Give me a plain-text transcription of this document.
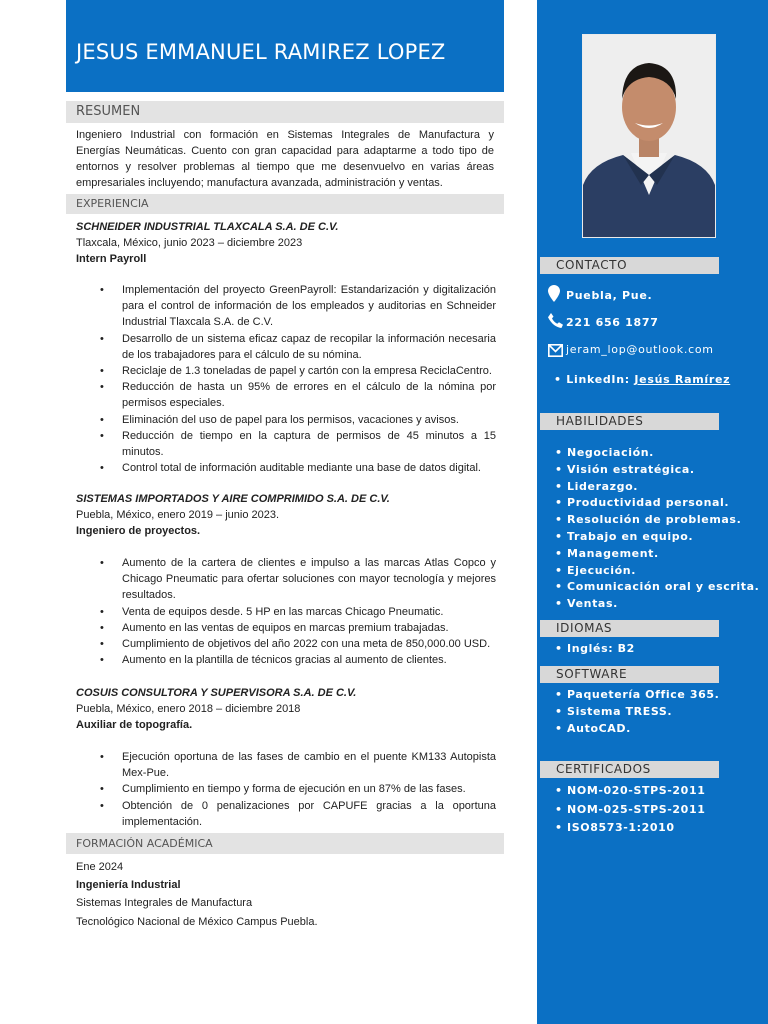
JESUS EMMANUEL RAMIREZ LOPEZ
RESUMEN
Ingeniero Industrial con formación en Sistemas Integrales de Manufactura y
Energías Neumáticas. Cuento con gran capacidad para adaptarme a todo tipo de
entornos y resolver problemas al tiempo que me desenvuelvo en varias áreas
empresariales incluyendo; manufactura avanzada, administración y ventas.
EXPERIENCIA
SCHNEIDER INDUSTRIAL TLAXCALA S.A. DE C.V.
Tlaxcala, México, junio 2023 – diciembre 2023
Intern Payroll
• Implementación del proyecto GreenPayroll: Estandarización y digitalización para el control de información de los empleados y auditorias en Schneider Industrial Tlaxcala S.A. de C.V.
• Desarrollo de un sistema eficaz capaz de recopilar la información necesaria de los trabajadores para el cálculo de su nómina.
• Reciclaje de 1.3 toneladas de papel y cartón con la empresa ReciclaCentro.
• Reducción de hasta un 95% de errores en el cálculo de la nómina por permisos especiales.
• Eliminación del uso de papel para los permisos, vacaciones y avisos.
• Reducción de tiempo en la captura de permisos de 45 minutos a 15 minutos.
• Control total de información auditable mediante una base de datos digital.
SISTEMAS IMPORTADOS Y AIRE COMPRIMIDO S.A. DE C.V.
Puebla, México, enero 2019 – junio 2023.
Ingeniero de proyectos.
• Aumento de la cartera de clientes e impulso a las marcas Atlas Copco y Chicago Pneumatic para ofertar soluciones con mayor tecnología y mejores resultados.
• Venta de equipos desde. 5 HP en las marcas Chicago Pneumatic.
• Aumento en las ventas de equipos en marcas premium trabajadas.
• Cumplimiento de objetivos del año 2022 con una meta de 850,000.00 USD.
• Aumento en la plantilla de técnicos gracias al aumento de clientes.
COSUIS CONSULTORA Y SUPERVISORA S.A. DE C.V.
Puebla, México, enero 2018 – diciembre 2018
Auxiliar de topografía.
• Ejecución oportuna de las fases de cambio en el puente KM133 Autopista Mex-Pue.
• Cumplimiento en tiempo y forma de ejecución en un 87% de las fases.
• Obtención de 0 penalizaciones por CAPUFE gracias a la oportuna implementación.
FORMACIÓN ACADÉMICA
Ene 2024
Ingeniería Industrial
Sistemas Integrales de Manufactura
Tecnológico Nacional de México Campus Puebla.
CONTACTO
Puebla, Pue.
221 656 1877
jeram_lop@outlook.com
• LinkedIn: Jesús Ramírez
HABILIDADES
• Negociación.
• Visión estratégica.
• Liderazgo.
• Productividad personal.
• Resolución de problemas.
• Trabajo en equipo.
• Management.
• Ejecución.
• Comunicación oral y escrita.
• Ventas.
IDIOMAS
• Inglés: B2
SOFTWARE
• Paquetería Office 365.
• Sistema TRESS.
• AutoCAD.
CERTIFICADOS
• NOM-020-STPS-2011
• NOM-025-STPS-2011
• ISO8573-1:2010
